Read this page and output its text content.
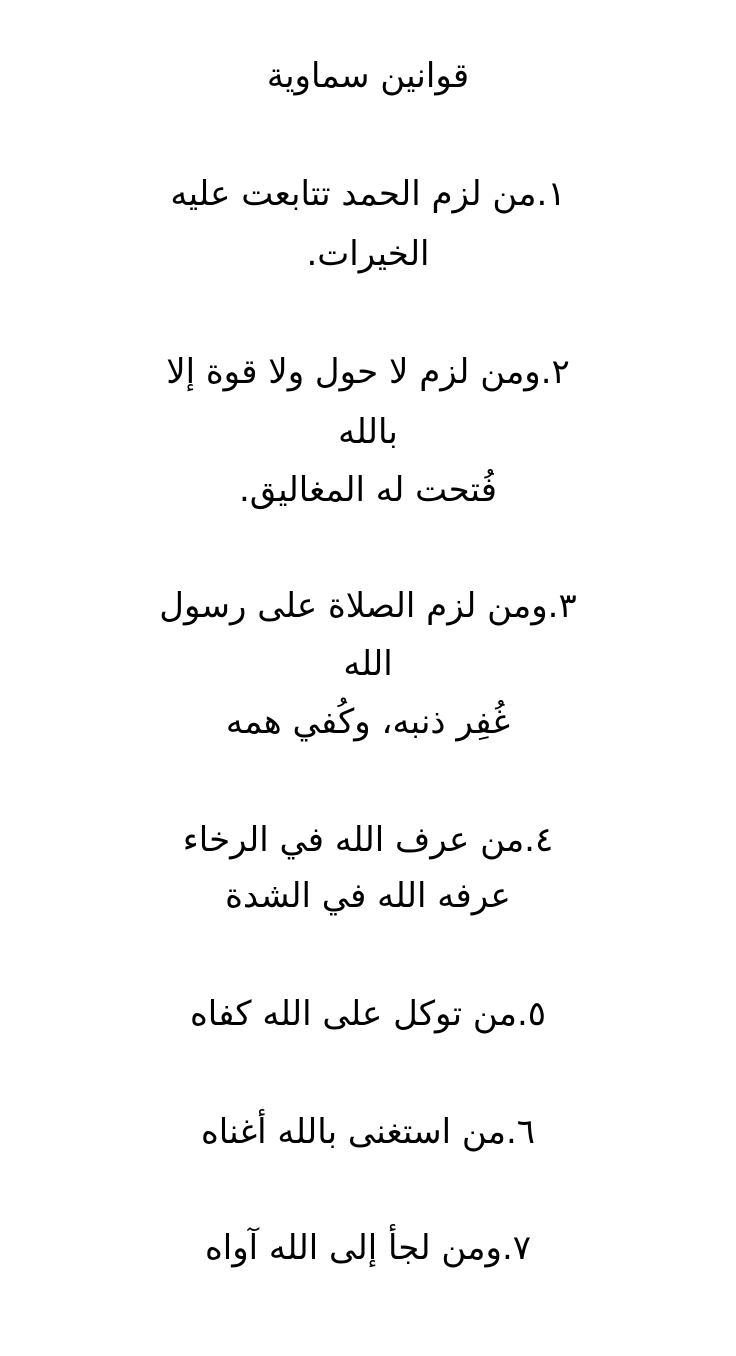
قوانين سماوية
١.من لزم الحمد تتابعت عليه
الخيرات.
٢.ومن لزم لا حول ولا قوة إلا
بالله
فُتحت له المغاليق.
٣.ومن لزم الصلاة على رسول
الله
غُفِر ذنبه، وكُفي همه
٤.من عرف الله في الرخاء
عرفه الله في الشدة
٥.من توكل على الله كفاه
٦.من استغنى بالله أغناه
٧.ومن لجأ إلى الله آواه
